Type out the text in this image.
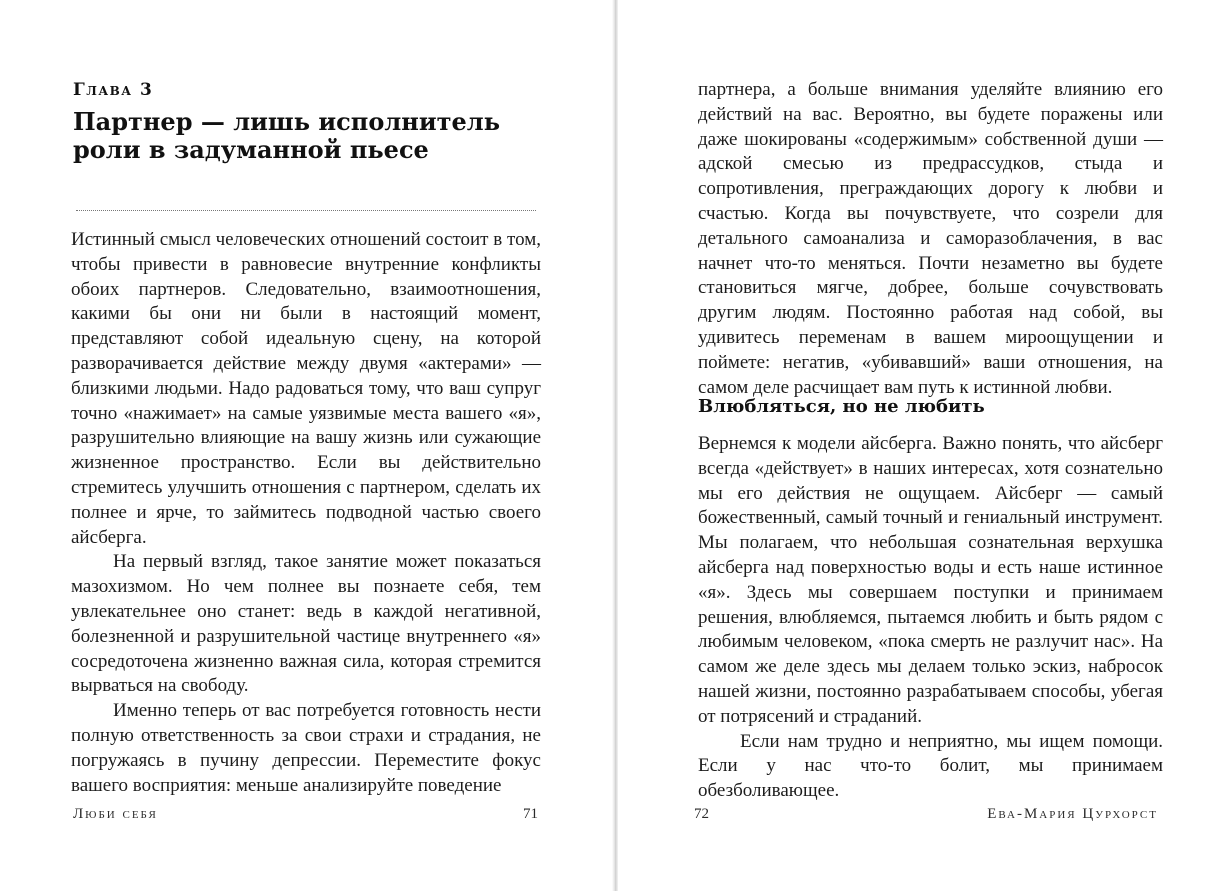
Глава 3
Партнер — лишь исполнитель роли в задуманной пьесе

Истинный смысл человеческих отношений состоит в том, чтобы привести в равновесие внутренние конфликты обоих партнеров. Следовательно, взаимоотношения, какими бы они ни были в настоящий момент, представляют собой идеальную сцену, на которой разворачивается действие между двумя «актерами» — близкими людьми. Надо радоваться тому, что ваш супруг точно «нажимает» на самые уязвимые места вашего «я», разрушительно влияющие на вашу жизнь или сужающие жизненное пространство. Если вы действительно стремитесь улучшить отношения с партнером, сделать их полнее и ярче, то займитесь подводной частью своего айсберга.

На первый взгляд, такое занятие может показаться мазохизмом. Но чем полнее вы познаете себя, тем увлекательнее оно станет: ведь в каждой негативной, болезненной и разрушительной частице внутреннего «я» сосредоточена жизненно важная сила, которая стремится вырваться на свободу.

Именно теперь от вас потребуется готовность нести полную ответственность за свои страхи и страдания, не погружаясь в пучину депрессии. Переместите фокус вашего восприятия: меньше анализируйте поведение

Люби себя	71

партнера, а больше внимания уделяйте влиянию его действий на вас. Вероятно, вы будете поражены или даже шокированы «содержимым» собственной души — адской смесью из предрассудков, стыда и сопротивления, преграждающих дорогу к любви и счастью. Когда вы почувствуете, что созрели для детального самоанализа и саморазоблачения, в вас начнет что-то меняться. Почти незаметно вы будете становиться мягче, добрее, больше сочувствовать другим людям. Постоянно работая над собой, вы удивитесь переменам в вашем мироощущении и поймете: негатив, «убивавший» ваши отношения, на самом деле расчищает вам путь к истинной любви.

Влюбляться, но не любить

Вернемся к модели айсберга. Важно понять, что айсберг всегда «действует» в наших интересах, хотя сознательно мы его действия не ощущаем. Айсберг — самый божественный, самый точный и гениальный инструмент. Мы полагаем, что небольшая сознательная верхушка айсберга над поверхностью воды и есть наше истинное «я». Здесь мы совершаем поступки и принимаем решения, влюбляемся, пытаемся любить и быть рядом с любимым человеком, «пока смерть не разлучит нас». На самом же деле здесь мы делаем только эскиз, набросок нашей жизни, постоянно разрабатываем способы, убегая от потрясений и страданий.

Если нам трудно и неприятно, мы ищем помощи. Если у нас что-то болит, мы принимаем обезболивающее.

72	Ева-Мария Цурхорст
